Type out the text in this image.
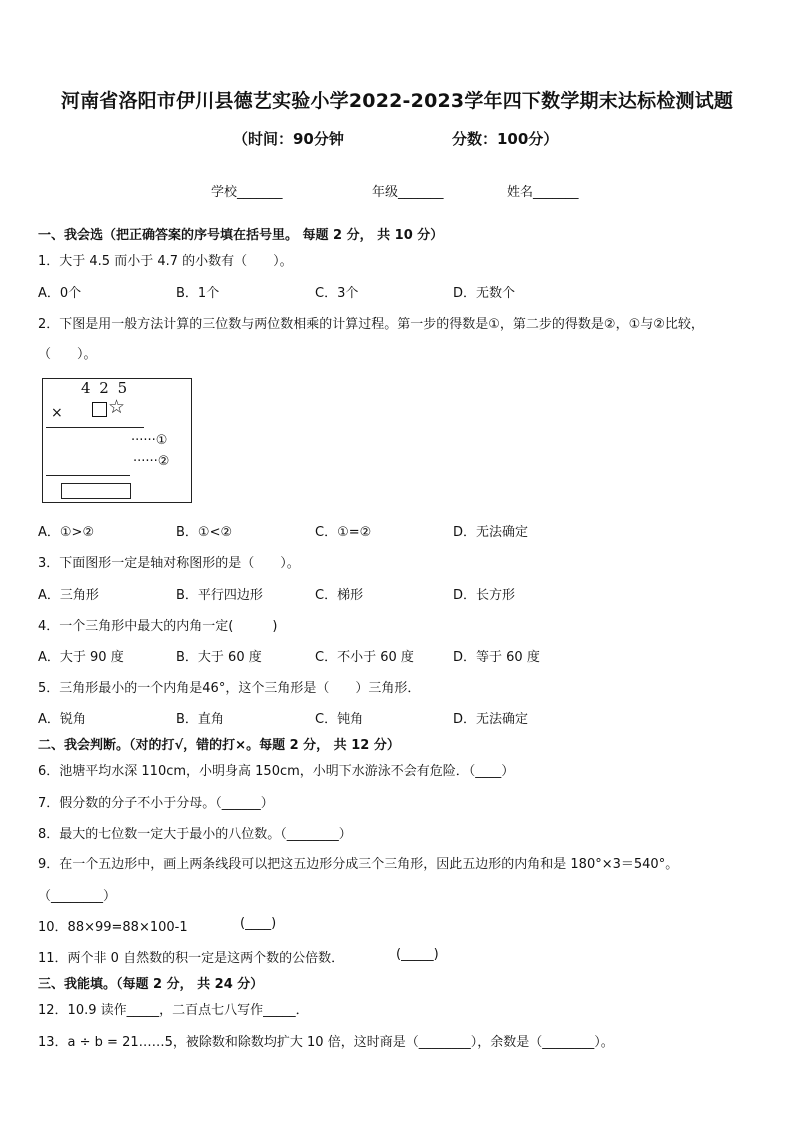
河南省洛阳市伊川县德艺实验小学2022-2023学年四下数学期末达标检测试题
（时间：90分钟	分数：100分）
学校_______	年级_______	姓名_______
一、我会选（把正确答案的序号填在括号里。 每题 2 分， 共 10 分）
1．大于 4.5 而小于 4.7 的小数有（　　）。
A．0个	B．1个	C．3个	D．无数个
2．下图是用一般方法计算的三位数与两位数相乘的计算过程。第一步的得数是①，第二步的得数是②，①与②比较，
（　　）。
4 2 5
× ☆
······①
······②
A．①>②	B．①<②	C．①=②	D．无法确定
3．下面图形一定是轴对称图形的是（　　）。
A．三角形	B．平行四边形	C．梯形	D．长方形
4．一个三角形中最大的内角一定(　　　)
A．大于 90 度	B．大于 60 度	C．不小于 60 度	D．等于 60 度
5．三角形最小的一个内角是46°，这个三角形是（　　）三角形．
A．锐角	B．直角	C．钝角	D．无法确定
二、我会判断。（对的打√，错的打×。每题 2 分， 共 12 分）
6．池塘平均水深 110cm，小明身高 150cm，小明下水游泳不会有危险．（____）
7．假分数的分子不小于分母。（______）
8．最大的七位数一定大于最小的八位数。（________）
9．在一个五边形中，画上两条线段可以把这五边形分成三个三角形，因此五边形的内角和是 180°×3＝540°。
（________）
10．88×99=88×100-1	(____)
11．两个非 0 自然数的积一定是这两个数的公倍数．	(_____)
三、我能填。（每题 2 分， 共 24 分）
12．10.9 读作_____，二百点七八写作_____．
13．a ÷ b = 21……5，被除数和除数均扩大 10 倍，这时商是（________），余数是（________）。
